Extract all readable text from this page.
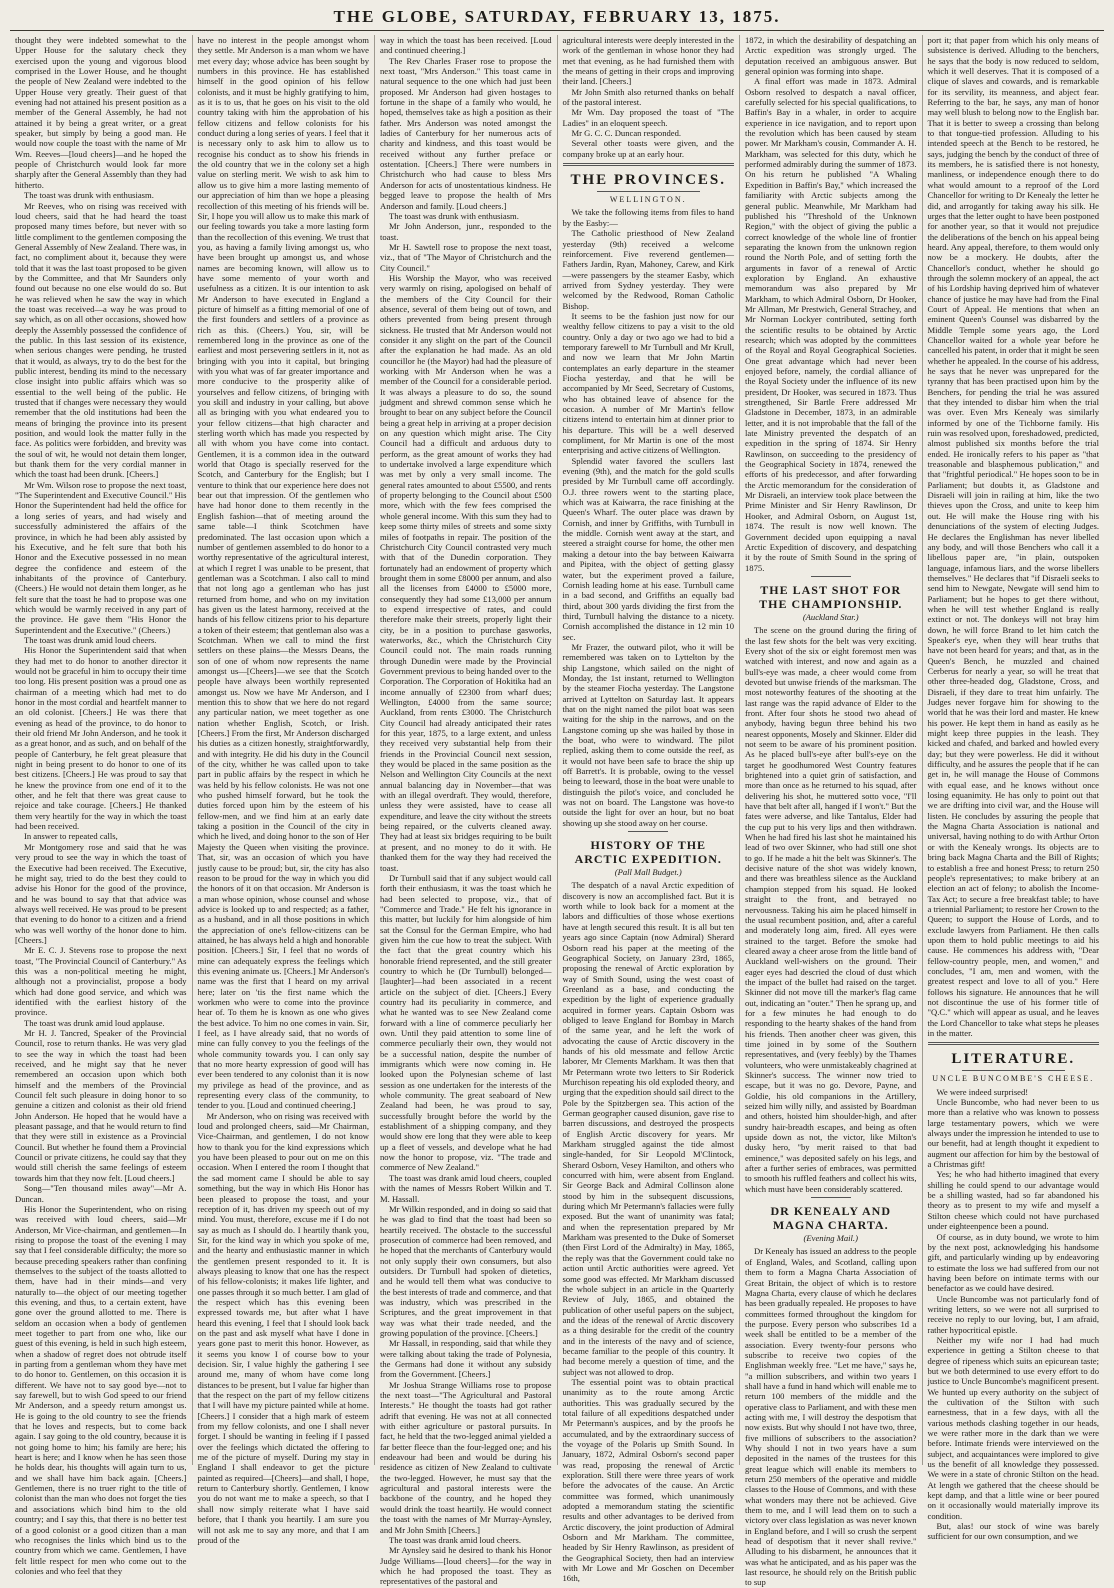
THE GLOBE, SATURDAY, FEBRUARY 13, 1875.

thought they were indebted somewhat to the Upper House for the salutary check they exercised upon the young and vigorous blood comprised in the Lower House, and he thought the people of New Zealand were indebted to the Upper House very greatly. Their guest of that evening had not attained his present position as a member of the General Assembly, he had not attained it by being a great writer, or a great speaker, but simply by being a good man. He would now couple the toast with the name of Mr Wm. Reeves—[loud cheers]—and he hoped the people of Christchurch would look far more sharply after the General Assembly than they had hitherto.

The toast was drunk with enthusiasm.

Mr Reeves, who on rising was received with loud cheers, said that he had heard the toast proposed many times before, but never with so little compliment to the gentlemen composing the General Assembly of New Zealand. There was, in fact, no compliment about it, because they were told that it was the last toast proposed to be given by the Committee, and that Mr Saunders only found out because no one else would do so. But he was relieved when he saw the way in which the toast was received—a way he was proud to say which, as on all other occasions, showed how deeply the Assembly possessed the confidence of the public. In this last session of its existence, when serious changes were pending, he trusted that it would, as always, try to do the best for the public interest, bending its mind to the necessary close insight into public affairs which was so essential to the well being of the public. He trusted that if changes were necessary they would remember that the old institutions had been the means of bringing the province into its present position, and would look the matter fully in the face. As politics were forbidden, and brevity was the soul of wit, he would not detain them longer, but thank them for the very cordial manner in which the toast had been drunk. [Cheers.]

Mr Wm. Wilson rose to propose the next toast, "The Superintendent and Executive Council." His Honor the Superintendent had held the office for a long series of years, and had wisely and successfully administered the affairs of the province, in which he had been ably assisted by his Executive, and he felt sure that both his Honor and the Executive possessed in no mean degree the confidence and esteem of the inhabitants of the province of Canterbury. (Cheers.) He would not detain them longer, as he felt sure that the toast he had to propose was one which would be warmly received in any part of the province. He gave them "His Honor the Superintendent and the Executive." (Cheers.)

The toast was drunk amid loud cheers.

His Honor the Superintendent said that when they had met to do honor to another director it would not be graceful in him to occupy their time too long. His present position was a proud one as chairman of a meeting which had met to do honor in the most cordial and heartfelt manner to an old colonist. [Cheers.] He was there that evening as head of the province, to do honor to their old friend Mr John Anderson, and he took it as a great honor, and as such, and on behalf of the people of Canterbury, he felt great pleasure that night in being present to do honor to one of its best citizens. [Cheers.] He was proud to say that he knew the province from one end of it to the other, and he felt that there was great cause to rejoice and take courage. [Cheers.] He thanked them very heartily for the way in which the toast had been received.

In answer to repeated calls,

Mr Montgomery rose and said that he was very proud to see the way in which the toast of the Executive had been received. The Executive, he might say, tried to do the best they could to advise his Honor for the good of the province, and he was bound to say that that advice was always well received. He was proud to be present that evening to do honor to a citizen and a friend who was well worthy of the honor done to him. [Cheers.]

Mr E. C. J. Stevens rose to propose the next toast, "The Provincial Council of Canterbury." As this was a non-political meeting he might, although not a provincialist, propose a body which had done good service, and which was identified with the earliest history of the province.

The toast was drunk amid loud applause.

Mr H. J. Tancred, Speaker of the Provincial Council, rose to return thanks. He was very glad to see the way in which the toast had been received, and he might say that he never remembered an occasion upon which both himself and the members of the Provincial Council felt such pleasure in doing honor to so genuine a citizen and colonist as their old friend John Anderson. He hoped that he would have a pleasant passage, and that he would return to find that they were still in existence as a Provincial Council. But whether he found them a Provincial Council or private citizens, he could say that they would still cherish the same feelings of esteem towards him that they now felt. [Loud cheers.]

Song—"Ten thousand miles away"—Mr A. Duncan.

His Honor the Superintendent, who on rising was received with loud cheers, said—Mr Anderson, Mr Vice-chairman, and gentlemen—In rising to propose the toast of the evening I may say that I feel considerable difficulty; the more so because preceding speakers rather than confining themselves to the subject of the toasts allotted to them, have had in their minds—and very naturally to—the object of our meeting together this evening, and thus, to a certain extent, have gone over the ground allotted to me. There is seldom an occasion when a body of gentlemen meet together to part from one who, like our guest of this evening, is held in such high esteem, when a shadow of regret does not obtrude itself in parting from a gentleman whom they have met to do honor to. Gentlemen, on this occasion it is different. We have not to say good bye—not to say farewell, but to wish God speed to our friend Mr Anderson, and a speedy return amongst us. He is going to the old country to see the friends that he loves and respects, but to come back again. I say going to the old country, because it is not going home to him; his family are here; his heart is here; and I know when he has seen those he holds dear, his thoughts will again turn to us, and we shall have him back again. [Cheers.] Gentlemen, there is no truer right to the title of colonist than the man who does not forget the ties and associations which bind him to the old country; and I say this, that there is no better test of a good colonist or a good citizen than a man who recognises the links which bind us to the country from which we came. Gentlemen, I have felt little respect for men who come out to the colonies and who feel that they

have no interest in the people amongst whom they settle. Mr Anderson is a man whom we have met every day; whose advice has been sought by numbers in this province. He has established himself in the good opinion of his fellow colonists, and it must be highly gratifying to him, as it is to us, that he goes on his visit to the old country taking with him the approbation of his fellow citizens and fellow colonists for his conduct during a long series of years. I feel that it is necessary only to ask him to allow us to recognise his conduct as to show his friends in the old country that we in the colony set a high value on sterling merit. We wish to ask him to allow us to give him a more lasting memento of our appreciation of him than we hope a pleasing recollection of this meeting of his friends will be. Sir, I hope you will allow us to make this mark of our feeling towards you take a more lasting form than the recollection of this evening. We trust that you, as having a family living amongst us, who have been brought up amongst us, and whose names are becoming known, will allow us to have some memento of your worth and usefulness as a citizen. It is our intention to ask Mr Anderson to have executed in England a picture of himself as a fitting memorial of one of the first founders and settlers of a province as rich as this. (Cheers.) You, sir, will be remembered long in the province as one of the earliest and most persevering settlers in it, not as bringing with you into it capital, but bringing with you what was of far greater importance and more conducive to the prosperity alike of yourselves and fellow citizens, of bringing with you skill and industry in your calling, but above all as bringing with you what endeared you to your fellow citizens—that high character and sterling worth which has made you respected by all with whom you have come into contact. Gentlemen, it is a common idea in the outward world that Otago is specially reserved for the Scotch, and Canterbury for the English; but I venture to think that our experience here does not bear out that impression. Of the gentlemen who have had honor done to them recently in the English fashion—that of meeting around the same table—I think Scotchmen have predominated. The last occasion upon which a number of gentlemen assembled to do honor to a worthy representative of the agricultural interest, at which I regret I was unable to be present, that gentleman was a Scotchman. I also call to mind that not long ago a gentleman who has just returned from home, and who on my invitation has given us the latest harmony, received at the hands of his fellow citizens prior to his departure a token of their esteem; that gentleman also was a Scotchman. When we call to mind the first settlers on these plains—the Messrs Deans, the son of one of whom now represents the name amongst us—[Cheers]—we see that the Scotch people have always been worthily represented amongst us. Now we have Mr Anderson, and I mention this to show that we here do not regard any particular nation, we meet together as one nation whether English, Scotch, or Irish. [Cheers.] From the first, Mr Anderson discharged his duties as a citizen honestly, straightforwardly, and with integrity. He did his duty in the Council of the city, whither he was called upon to take part in public affairs by the respect in which he was held by his fellow colonists. He was not one who pushed himself forward, but he took the duties forced upon him by the esteem of his fellow-men, and we find him at an early date taking a position in the Council of the city in which he lived, and doing honor to the son of Her Majesty the Queen when visiting the province. That, sir, was an occasion of which you have justly cause to be proud; but, sir, the city has also reason to be proud for the way in which you did the honors of it on that occasion. Mr Anderson is a man whose opinion, whose counsel and whose advice is looked up to and respected; as a father, as a husband, and in all those positions in which the appreciation of one's fellow-citizens can be attained, he has always held a high and honorable position. [Cheers.] Sir, I feel that no words of mine can adequately express the feelings which this evening animate us. [Cheers.] Mr Anderson's name was the first that I heard on my arrival here; later on 'tis the first name which the workmen who were to come into the province hear of. To them he is known as one who gives the best advice. To him no one comes in vain. Sir, I feel, as I have already said, that no words of mine can fully convey to you the feelings of the whole community towards you. I can only say that no more hearty expression of good will has ever been tendered to any colonist than it is now my privilege as head of the province, and as representing every class of the community, to tender to you. [Loud and continued cheering.]

Mr Anderson, who on rising was received with loud and prolonged cheers, said—Mr Chairman, Vice-Chairman, and gentlemen, I do not know how to thank you for the kind expressions which you have been pleased to pour out on me on this occasion. When I entered the room I thought that the sad moment came I should be able to say something, but the way in which His Honor has been pleased to propose the toast, and your reception of it, has driven my speech out of my mind. You must, therefore, excuse me if I do not say as much as I should do. I heartily thank you, Sir, for the kind way in which you spoke of me, and the hearty and enthusiastic manner in which the gentlemen present responded to it. It is always pleasing to know that one has the respect of his fellow-colonists; it makes life lighter, and one passes through it so much better. I am glad of the respect which has this evening been expressed towards me, but after what I have heard this evening, I feel that I should look back on the past and ask myself what have I done in years gone past to merit this honor. However, as it seems you know I of course bow to your decision. Sir, I value highly the gathering I see around me, many of whom have come long distances to be present, but I value far higher than that the respect on the part of my fellow citizens that I will have my picture painted while at home. [Cheers.] I consider that a high mark of esteem from my fellow colonists, and one I shall never forget. I should be wanting in feeling if I passed over the feelings which dictated the offering to me of the picture of myself. During my stay in England I shall endeavor to get the picture painted as required—[Cheers]—and shall, I hope, return to Canterbury shortly. Gentlemen, I know you do not want me to make a speech, so that I shall now simply reiterate what I have said before, that I thank you heartily. I am sure you will not ask me to say any more, and that I am proud of the

way in which the toast has been received. [Loud and continued cheering.]

The Rev Charles Fraser rose to propose the next toast, "Mrs Anderson." This toast came in natural sequence to the one which had just been proposed. Mr Anderson had given hostages to fortune in the shape of a family who would, he hoped, themselves take as high a position as their father. Mrs Anderson was noted amongst the ladies of Canterbury for her numerous acts of charity and kindness, and this toast would be received without any further preface or ostentation. [Cheers.] There were numbers in Christchurch who had cause to bless Mrs Anderson for acts of unostentatious kindness. He begged leave to propose the health of Mrs Anderson and family. [Loud cheers.]

The toast was drunk with enthusiasm.

Mr John Anderson, junr., responded to the toast.

Mr H. Sawtell rose to propose the next toast, viz., that of "The Mayor of Christchurch and the City Council."

His Worship the Mayor, who was received very warmly on rising, apologised on behalf of the members of the City Council for their absence, several of them being out of town, and others prevented from being present through sickness. He trusted that Mr Anderson would not consider it any slight on the part of the Council after the explanation he had made. As an old councillor he (the Mayor) had had the pleasure of working with Mr Anderson when he was a member of the Council for a considerable period. It was always a pleasure to do so, the sound judgment and shrewd common sense which he brought to bear on any subject before the Council being a great help in arriving at a proper decision on any question which might arise. The City Council had a difficult and arduous duty to perform, as the great amount of works they had to undertake involved a large expenditure which was met by only a very small income. The general rates amounted to about £5500, and rents of property belonging to the Council about £500 more, which with the few fees comprised the whole general income. With this sum they had to keep some thirty miles of streets and some sixty miles of footpaths in repair. The position of the Christchurch City Council contrasted very much with that of the Dunedin corporation. They fortunately had an endowment of property which brought them in some £8000 per annum, and also all the licenses from £4000 to £5000 more, consequently they had some £13,000 per annum to expend irrespective of rates, and could therefore make their streets, properly light their city, be in a position to purchase gasworks, waterworks, &c., which the Christchurch City Council could not. The main roads running through Dunedin were made by the Provincial Government previous to being handed over to the Corporation. The Corporation of Hokitika had an income annually of £2300 from wharf dues; Wellington, £4000 from the same source; Auckland, from rents £3000. The Christchurch City Council had already anticipated their rates for this year, 1875, to a large extent, and unless they received very substantial help from their friends in the Provincial Council next session, they would be placed in the same position as the Nelson and Wellington City Councils at the next annual balancing day in November—that was with an illegal overdraft. They would, therefore, unless they were assisted, have to cease all expenditure, and leave the city without the streets being repaired, or the culverts cleaned away. They had at least six bridges requiring to be built at present, and no money to do it with. He thanked them for the way they had received the toast.

Dr Turnbull said that if any subject would call forth their enthusiasm, it was the toast which he had been selected to propose, viz., that of "Commerce and Trade." He felt his ignorance in this matter, but luckily for him alongside of him sat the Consul for the German Empire, who had given him the cue how to treat the subject. With the fact that the great country which his honorable friend represented, and the still greater country to which he (Dr Turnbull) belonged—[laughter]—had been associated in a recent article on the subject of diet. [Cheers.] Every country had its peculiarity in commerce, and what he wanted was to see New Zealand come forward with a line of commerce peculiarly her own. Until they paid attention to some line of commerce peculiarly their own, they would not be a successful nation, despite the number of immigrants which were now coming in. He looked upon the Polynesian scheme of last session as one undertaken for the interests of the whole community. The great seaboard of New Zealand had been, he was proud to say, successfully brought before the world by the establishment of a shipping company, and they would show ere long that they were able to keep up a fleet of vessels, and develope what he had now the honor to propose, viz. "The trade and commerce of New Zealand."

The toast was drank amid loud cheers, coupled with the names of Messrs Robert Wilkin and T. M. Hassall.

Mr Wilkin responded, and in doing so said that he was glad to find that the toast had been so heartily received. The obstacle to the successful prosecution of commerce had been removed, and he hoped that the merchants of Canterbury would not only supply their own consumers, but also outsiders. Dr Turnbull had spoken of dietetics, and he would tell them what was conducive to the best interests of trade and commerce, and that was industry, which was prescribed in the Scriptures, and the great improvement in that way was what their trade needed, and the growing population of the province. [Cheers.]

Mr Hassall, in responding, said that while they were talking about taking the trade of Polynesia, the Germans had done it without any subsidy from the Government. [Cheers.]

Mr Joshua Strange Williams rose to propose the next toast—"The Agricultural and Pastoral Interests." He thought the toasts had got rather adrift that evening. He was not at all connected with either agriculture or pastoral pursuits. In fact, he held that the two-legged animal yielded a far better fleece than the four-legged one; and his endeavour had been and would be during his residence as citizen of New Zealand to cultivate the two-legged. However, he must say that the agricultural and pastoral interests were the backbone of the country, and he hoped they would drink the toast heartily. He would connect the toast with the names of Mr Murray-Aynsley, and Mr John Smith [Cheers.]

The toast was drank amid loud cheers.

Mr Aynsley said he desired to thank his Honor Judge Williams—[loud cheers]—for the way in which he had proposed the toast. They as representatives of the pastoral and

agricultural interests were deeply interested in the work of the gentleman in whose honor they had met that evening, as he had furnished them with the means of getting in their crops and improving their land. [Cheers.]

Mr John Smith also returned thanks on behalf of the pastoral interest.

Mr Wm. Day proposed the toast of "The Ladies" in an eloquent speech.

Mr G. C. C. Duncan responded.

Several other toasts were given, and the company broke up at an early hour.

THE PROVINCES.
WELLINGTON.

We take the following items from files to hand by the Easby:—

The Catholic priesthood of New Zealand yesterday (9th) received a welcome reinforcement. Five reverend gentlemen—Fathers Jardin, Ryan, Mahoney, Carew, and Kirk—were passengers by the steamer Easby, which arrived from Sydney yesterday. They were welcomed by the Redwood, Roman Catholic Bishop.

It seems to be the fashion just now for our wealthy fellow citizens to pay a visit to the old country. Only a day or two ago we had to bid a temporary farewell to Mr Turnbull and Mr Krull, and now we learn that Mr John Martin contemplates an early departure in the steamer Fiocha yesterday, and that he will be accompanied by Mr Seed, Secretary of Customs, who has obtained leave of absence for the occasion. A number of Mr Martin's fellow citizens intend to entertain him at dinner prior to his departure. This will be a well deserved compliment, for Mr Martin is one of the most enterprising and active citizens of Wellington.

Splendid water favored the scullers last evening (9th), and the match for the gold sculls presided by Mr Turnbull came off accordingly. O.J. three rowers went to the starting place, which was at Kaiwarra, the race finishing at the Queen's Wharf. The outer place was drawn by Cornish, and inner by Griffiths, with Turnbull in the middle. Cornish went away at the start, and steered a straight course for home, the other men making a detour into the bay between Kaiwarra and Pipitea, with the object of getting glassy water, but the experiment proved a failure, Cornish leading home at his ease. Turnbull came in a bad second, and Griffiths an equally bad third, about 300 yards dividing the first from the third, Turnbull halving the distance to a nicety. Cornish accomplished the distance in 12 min 10 sec.

Mr Frazer, the outward pilot, who it will be remembered was taken on to Lyttelton by the ship Langstone, which sailed on the night of Monday, the 1st instant, returned to Wellington by the steamer Fiocha yesterday. The Langstone arrived at Lyttelton on Saturday last. It appears that on the night named the pilot boat was seen waiting for the ship in the narrows, and on the Langstone coming up she was hailed by those in the boat, who were to windward. The pilot replied, asking them to come outside the reef, as it would not have been safe to brace the ship up off Barrett's. It is probable, owing to the vessel being to leeward, those in the boat were unable to distinguish the pilot's voice, and concluded he was not on board. The Langstone was hove-to outside the light for over an hour, but no boat showing up she stood away on her course.

HISTORY OF THE ARCTIC EXPEDITION.
(Pall Mall Budget.)

The despatch of a naval Arctic expedition of discovery is now an accomplished fact. But it is worth while to look back for a moment at the labors and difficulties of those whose exertions have at length secured this result. It is all but ten years ago since Captain (now Admiral) Sherard Osborn read his paper at the meeting of the Geographical Society, on January 23rd, 1865, proposing the renewal of Arctic exploration by way of Smith Sound, using the west coast of Greenland as a base, and conducting the expedition by the light of experience gradually acquired in former years. Captain Osborn was obliged to leave England for Bombay in March of the same year, and he left the work of advocating the cause of Arctic discovery in the hands of his old messmate and fellow Arctic laborer, Mr Clements Markham. It was then that Mr Petermann wrote two letters to Sir Roderick Murchison repeating his old exploded theory, and urging that the expedition should sail direct to the Pole by the Spitzbergen sea. This action of the German geographer caused disunion, gave rise to barren discussions, and destroyed the prospects of English Arctic discovery for years. Mr Markham struggled against the tide almost single-handed, for Sir Leopold M'Clintock, Sherard Osborn, Vesey Hamilton, and others who concurred with him, were absent from England. Sir George Back and Admiral Collinson alone stood by him in the subsequent discussions, during which Mr Petermann's fallacies were fully exposed. But the want of unanimity was fatal; and when the representation prepared by Mr Markham was presented to the Duke of Somerset (then First Lord of the Admiralty) in May, 1865, the reply was that the Government could take no action until Arctic authorities were agreed. Yet some good was effected. Mr Markham discussed the whole subject in an article in the Quarterly Review of July, 1865, and obtained the publication of other useful papers on the subject, and the ideas of the renewal of Arctic discovery as a thing desirable for the credit of the country and in the interests of the navy and of science, became familiar to the people of this country. It had become merely a question of time, and the subject was not allowed to drop.

The essential point was to obtain practical unanimity as to the route among Arctic authorities. This was gradually secured by the total failure of all expeditions despatched under Mr Petermann's auspices, and by the proofs he accumulated, and by the extraordinary success of the voyage of the Polaris up Smith Sound. In January, 1872, Admiral Osborn's second paper was read, proposing the renewal of Arctic exploration. Still there were three years of work before the advocates of the cause. An Arctic committee was formed, which unanimously adopted a memorandum stating the scientific results and other advantages to be derived from Arctic discovery, the joint production of Admiral Osborn and Mr Markham. The committee, headed by Sir Henry Rawlinson, as president of the Geographical Society, then had an interview with Mr Lowe and Mr Goschen on December 16th,

1872, in which the desirability of despatching an Arctic expedition was strongly urged. The deputation received an ambiguous answer. But general opinion was forming into shape.

A final effort was made in 1873. Admiral Osborn resolved to despatch a naval officer, carefully selected for his special qualifications, to Baffin's Bay in a whaler, in order to acquire experience in ice navigation, and to report upon the revolution which has been caused by steam power. Mr Markham's cousin, Commander A. H. Markham, was selected for this duty, which he performed admirably during the summer of 1873. On his return he published "A Whaling Expedition in Baffin's Bay," which increased the familiarity with Arctic subjects among the general public. Meanwhile, Mr Markham had published his "Threshold of the Unknown Region," with the object of giving the public a correct knowledge of the whole line of frontier separating the known from the unknown region round the North Pole, and of setting forth the arguments in favor of a renewal of Arctic exploration by England. An exhaustive memorandum was also prepared by Mr Markham, to which Admiral Osborn, Dr Hooker, Mr Allman, Mr Prestwich, General Strachey, and Mr Norman Lockyer contributed, setting forth the scientific results to be obtained by Arctic research; which was adopted by the committees of the Royal and Royal Geographical Societies. One great advantage which had never been enjoyed before, namely, the cordial alliance of the Royal Society under the influence of its new president, Dr Hooker, was secured in 1873. Thus strengthened, Sir Bartle Frere addressed Mr Gladstone in December, 1873, in an admirable letter, and it is not improbable that the fall of the late Ministry prevented the despatch of an expedition in the spring of 1874. Sir Henry Rawlinson, on succeeding to the presidency of the Geographical Society in 1874, renewed the efforts of his predecessor, and after forwarding the Arctic memorandum for the consideration of Mr Disraeli, an interview took place between the Prime Minister and Sir Henry Rawlinson, Dr Hooker, and Admiral Osborn, on August 1st, 1874. The result is now well known. The Government decided upon equipping a naval Arctic Expedition of discovery, and despatching it by the route of Smith Sound in the spring of 1875.

THE LAST SHOT FOR THE CHAMPIONSHIP.
(Auckland Star.)

The scene on the ground during the firing of the last few shots for the belt was very exciting. Every shot of the six or eight foremost men was watched with interest, and now and again as a bull's-eye was made, a cheer would come from devoted but unwise friends of the marksman. The most noteworthy features of the shooting at the last range was the rapid advance of Elder to the front. After four shots he stood two ahead of anybody, having begun three behind his two nearest opponents, Mosely and Skinner. Elder did not seem to be aware of his prominent position. As he placed bull's-eye after bull's-eye on the target he goodhumored West Country features brightened into a quiet grin of satisfaction, and more than once as he returned to his squad, after delivering his shot, he muttered sotto voce, "I'll have that belt after all, hanged if I won't." But the fates were adverse, and like Tantalus, Elder had the cup put to his very lips and then withdrawn. When he had fired his last shot he maintained his lead of two over Skinner, who had still one shot to go. If he made a hit the belt was Skinner's. The decisive nature of the shot was widely known, and there was breathless silence as the Auckland champion stepped from his squad. He looked straight to the front, and betrayed no nervousness. Taking his aim he placed himself in the usual recumbent position, and, after a careful and moderately long aim, fired. All eyes were strained to the target. Before the smoke had cleared away a cheer arose from the little band of Auckland well-wishers on the ground. Their eager eyes had descried the cloud of dust which the impact of the bullet had raised on the target. Skinner did not move till the marker's flag came out, indicating an "outer." Then he sprang up, and for a few minutes he had enough to do responding to the hearty shakes of the hand from his friends. Then another cheer was given, this time joined in by some of the Southern representatives, and (very feebly) by the Thames volunteers, who were unmistakeably chagrined at Skinner's success. The winner now tried to escape, but it was no go. Devore, Payne, and Goldie, his old companions in the Artillery, seized him willy nilly, and assisted by Boardman and others, hoisted him shoulder-high, and after sundry hair-breadth escapes, and being as often upside down as not, the victor, like Milton's dusky hero, "by merit raised to that bad eminence," was deposited safely on his legs, and after a further series of embraces, was permitted to smooth his ruffled feathers and collect his wits, which must have been considerably scattered.

DR KENEALY AND MAGNA CHARTA.
(Evening Mail.)

Dr Kenealy has issued an address to the people of England, Wales, and Scotland, calling upon them to form a Magna Charta Association of Great Britain, the object of which is to restore Magna Charta, every clause of which he declares has been gradually repealed. He proposes to have committees formed throughout the kingdom for the purpose. Every person who subscribes 1d a week shall be entitled to be a member of the association. Every twenty-four persons who subscribe to receive two copies of the Englishman weekly free. "Let me have," says he, "a million subscribers, and within two years I shall have a fund in hand which will enable me to return 100 members of the middle and the operative class to Parliament, and with these men acting with me, I will destroy the despotism that now exists. But why should I not have two, three, five millions of subscribers to the association? Why should I not in two years have a sum deposited in the names of the trustees for this great league which will enable its members to return 250 members of the operative and middle classes to the House of Commons, and with these what wonders may there not be achieved. Give them to me, and I will lead them on to such a victory over class legislation as was never known in England before, and I will so crush the serpent head of despotism that it never shall revive." Alluding to his disbarment, he announces that it was what he anticipated, and as his paper was the last resource, he should rely on the British public to sup

port it; that paper from which his only means of subsistence is derived. Alluding to the benchers, he says that the body is now reduced to seldom, which it well deserves. That it is composed of a clique of slaves and cowards, and is remarkable for its servility, its meanness, and abject fear. Referring to the bar, he says, any man of honor may well blush to belong now to the English bar. That it is better to sweep a crossing than belong to that tongue-tied profession. Alluding to his intended speech at the Bench to be restored, he says, judging the bench by the conduct of three of its members, he is satisfied there is not honesty, manliness, or independence enough there to do what would amount to a reproof of the Lord Chancellor for writing to Dr Kenealy the letter he did, and arrogantly for taking away his silk. He urges that the letter ought to have been postponed for another year, so that it would not prejudice the deliberations of the bench on his appeal being heard. Any appeal, therefore, to them would only now be a mockery. He doubts, after the Chancellor's conduct, whether he should go through the solemn mockery of an appeal, the act of his Lordship having deprived him of whatever chance of justice he may have had from the Final Court of Appeal. He mentions that when an eminent Queen's Counsel was disbarred by the Middle Temple some years ago, the Lord Chancellor waited for a whole year before he cancelled his patent, in order that it might be seen whether he appealed. In the course of his address, he says that he never was unprepared for the tyranny that has been practised upon him by the Benchers, for pending the trial he was assured that they intended to disbar him when the trial was over. Even Mrs Kenealy was similarly informed by one of the Tichborne family. His ruin was resolved upon, foreshadowed, predicted, almost published six months before the trial ended. He ironically refers to his paper as "that treasonable and blasphemous publication," and that "frightful periodical." He hopes soon to be in Parliament; but doubts it, as Gladstone and Disraeli will join in railing at him, like the two thieves upon the Cross, and unite to keep him out. He will make the House ring with his denunciations of the system of electing Judges. He declares the Englishman has never libelled any body, and will those Benchers who call it a libellous paper are, "in plain, outspoken language, infamous liars, and the worse libellers themselves." He declares that "if Disraeli seeks to send him to Newgate, Newgate will send him to Parliament; but he hopes to get there without, when he will test whether England is really extinct or not. The donkeys will not bray him down, he will force Brand to let him catch the Speaker's eye, when they will hear truths that have not been heard for years; and that, as in the Queen's Bench, he muzzled and chained Cerberus for nearly a year, so will he treat that other three-headed dog, Gladstone, Cross, and Disraeli, if they dare to treat him unfairly. The Judges never forgave him for showing to the world that he was their lord and master. He knew his power. He kept them in hand as easily as he might keep three puppies in the leash. They kicked and chafed, and barked and howled every day; but they were powerless. He did it without difficulty, and he assures the people that if he can get in, he will manage the House of Commons with equal ease, and he knows without once losing equanimity. He has only to point out that we are drifting into civil war, and the House will listen. He concludes by assuring the people that the Magna Charta Association is national and universal, having nothing to do with Arthur Orton or with the Kenealy wrongs. Its objects are to bring back Magna Charta and the Bill of Rights; to establish a free and honest Press; to return 250 people's representatives; to make bribery at an election an act of felony; to abolish the Income-Tax Act; to secure a free breakfast table; to have a triennial Parliament; to restore her Crown to the Queen; to support the House of Lords, and to exclude lawyers from Parliament. He then calls upon them to hold public meetings to aid his cause. He commences his address with, "Dear fellow-country people, men, and women," and concludes, "I am, men and women, with the greatest respect and love to all of you." Here follows his signature. He announces that he will not discontinue the use of his former title of "Q.C." which will appear as usual, and he leaves the Lord Chancellor to take what steps he pleases in the matter.

LITERATURE.
UNCLE BUNCOMBE'S CHEESE.

We were indeed surprised!

Uncle Buncombe, who had never been to us more than a relative who was known to possess large testamentary powers, which we were always under the impression he intended to use to our benefit, had at length thought it expedient to augment our affection for him by the bestowal of a Christmas gift!

Yes; he who had hitherto imagined that every shilling he could spend to our advantage would be a shilling wasted, had so far abandoned his theory as to present to my wife and myself a Stilton cheese which could not have purchased under eighteenpence been a pound.

Of course, as in duty bound, we wrote to him by the next post, acknowledging his handsome gift, and particularly winding up by endeavoring to estimate the loss we had suffered from our not having been before on intimate terms with our benefactor as we could have desired.

Uncle Buncombe was not particularly fond of writing letters, so we were not all surprised to receive no reply to our loving, but, I am afraid, rather hypocritical epistle.

Neither my wife nor I had had much experience in getting a Stilton cheese to that degree of ripeness which suits an epicurean taste; but we both determined to use every effort to do justice to Uncle Buncombe's magnificent present. We hunted up every authority on the subject of the cultivation of the Stilton with such earnestness, that in a few days, with all the various methods clashing together in our heads, we were rather more in the dark than we were before. Intimate friends were interviewed on the subject, and acquaintances were implored to give us the benefit of all knowledge they possessed. We were in a state of chronic Stilton on the head. At length we gathered that the cheese should be kept damp, and that a little wine or beer poured on it occasionally would materially improve its condition.

But, alas! our stock of wine was barely sufficient for our own consumption, and we
